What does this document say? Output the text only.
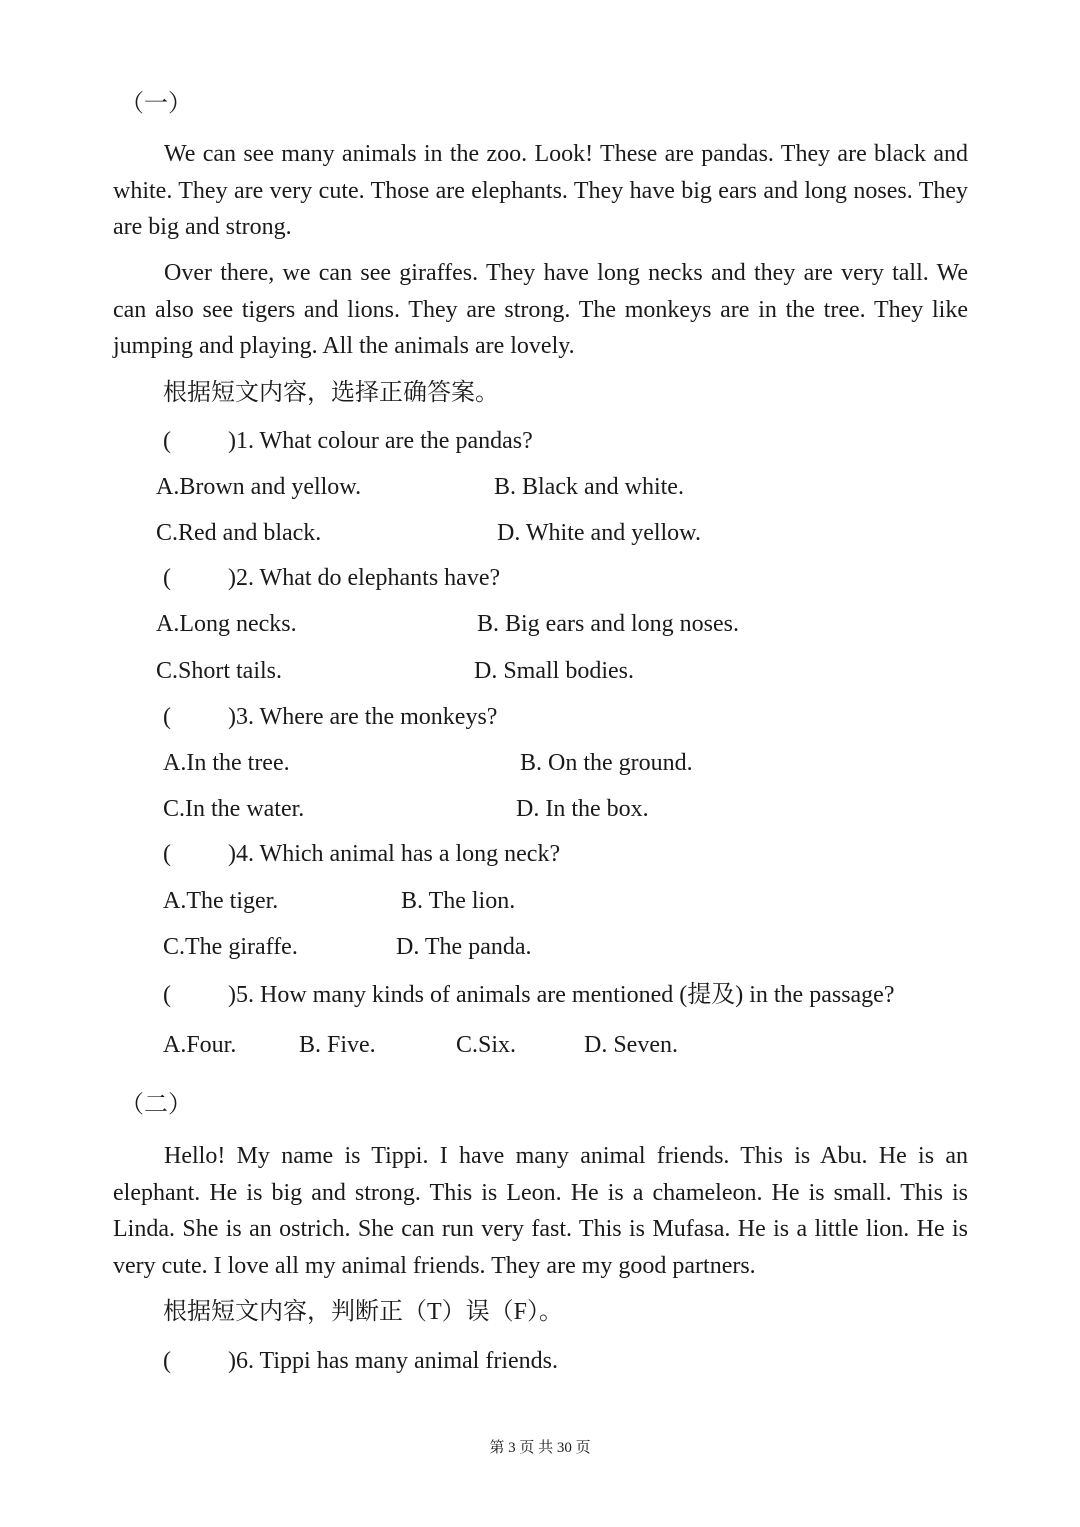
（一）
We can see many animals in the zoo. Look! These are pandas. They are black and white. They are very cute. Those are elephants. They have big ears and long noses. They are big and strong.
Over there, we can see giraffes. They have long necks and they are very tall. We can also see tigers and lions. They are strong. The monkeys are in the tree. They like jumping and playing. All the animals are lovely.
根据短文内容，选择正确答案。
( )1. What colour are the pandas?
A.Brown and yellow.	B. Black and white.
C.Red and black.	D. White and yellow.
( )2. What do elephants have?
A.Long necks.	B. Big ears and long noses.
C.Short tails.	D. Small bodies.
( )3. Where are the monkeys?
A.In the tree.	B. On the ground.
C.In the water.	D. In the box.
( )4. Which animal has a long neck?
A.The tiger.	B. The lion.
C.The giraffe.	D. The panda.
( )5. How many kinds of animals are mentioned (提及) in the passage?
A.Four.	B. Five.	C.Six.	D. Seven.
（二）
Hello! My name is Tippi. I have many animal friends. This is Abu. He is an elephant. He is big and strong. This is Leon. He is a chameleon. He is small. This is Linda. She is an ostrich. She can run very fast. This is Mufasa. He is a little lion. He is very cute. I love all my animal friends. They are my good partners.
根据短文内容，判断正（T）误（F）。
( )6. Tippi has many animal friends.
第 3 页 共 30 页
